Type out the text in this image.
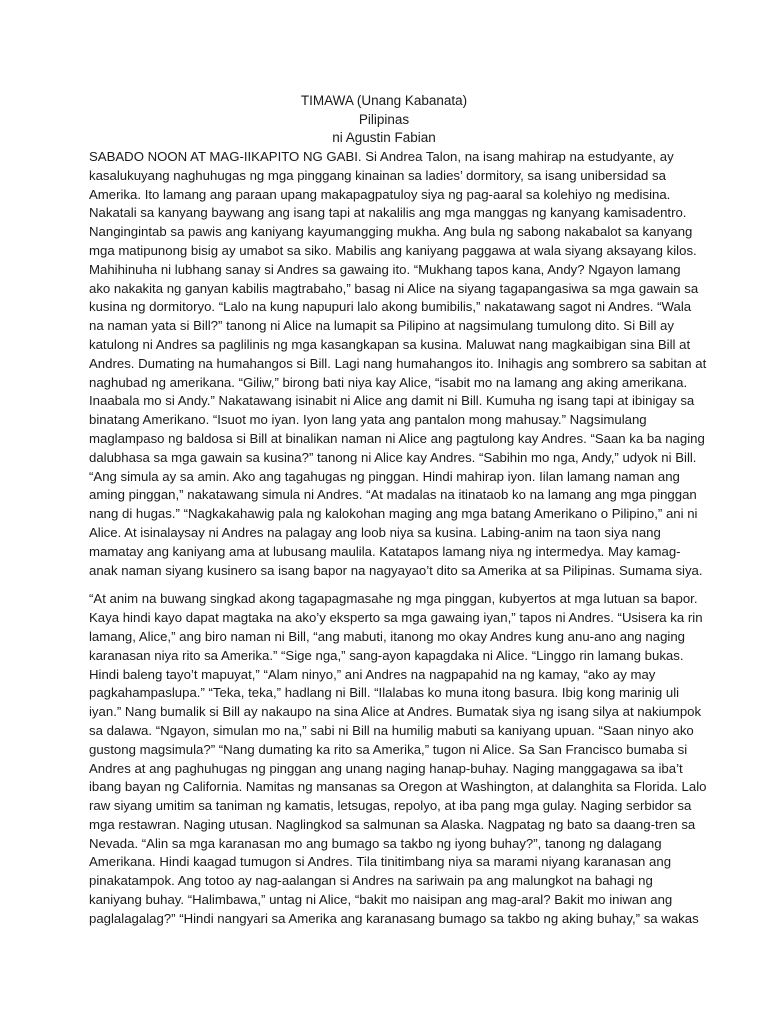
TIMAWA (Unang Kabanata)
Pilipinas
ni Agustin Fabian
SABADO NOON AT MAG-IIKAPITO NG GABI. Si Andrea Talon, na isang mahirap na estudyante, ay
kasalukuyang naghuhugas ng mga pinggang kinainan sa ladies’ dormitory, sa isang unibersidad sa
Amerika. Ito lamang ang paraan upang makapagpatuloy siya ng pag-aaral sa kolehiyo ng medisina.
Nakatali sa kanyang baywang ang isang tapi at nakalilis ang mga manggas ng kanyang kamisadentro.
Nangingintab sa pawis ang kaniyang kayumangging mukha. Ang bula ng sabong nakabalot sa kanyang
mga matipunong bisig ay umabot sa siko. Mabilis ang kaniyang paggawa at wala siyang aksayang kilos.
Mahihinuha ni lubhang sanay si Andres sa gawaing ito. “Mukhang tapos kana, Andy? Ngayon lamang
ako nakakita ng ganyan kabilis magtrabaho,” basag ni Alice na siyang tagapangasiwa sa mga gawain sa
kusina ng dormitoryo. “Lalo na kung napupuri lalo akong bumibilis,” nakatawang sagot ni Andres. “Wala
na naman yata si Bill?” tanong ni Alice na lumapit sa Pilipino at nagsimulang tumulong dito. Si Bill ay
katulong ni Andres sa paglilinis ng mga kasangkapan sa kusina. Maluwat nang magkaibigan sina Bill at
Andres. Dumating na humahangos si Bill. Lagi nang humahangos ito. Inihagis ang sombrero sa sabitan at
naghubad ng amerikana. “Giliw,” birong bati niya kay Alice, “isabit mo na lamang ang aking amerikana.
Inaabala mo si Andy.” Nakatawang isinabit ni Alice ang damit ni Bill. Kumuha ng isang tapi at ibinigay sa
binatang Amerikano. “Isuot mo iyan. Iyon lang yata ang pantalon mong mahusay.” Nagsimulang
maglampaso ng baldosa si Bill at binalikan naman ni Alice ang pagtulong kay Andres. “Saan ka ba naging
dalubhasa sa mga gawain sa kusina?” tanong ni Alice kay Andres. “Sabihin mo nga, Andy,” udyok ni Bill.
“Ang simula ay sa amin. Ako ang tagahugas ng pinggan. Hindi mahirap iyon. Iilan lamang naman ang
aming pinggan,” nakatawang simula ni Andres. “At madalas na itinataob ko na lamang ang mga pinggan
nang di hugas.” “Nagkakahawig pala ng kalokohan maging ang mga batang Amerikano o Pilipino,” ani ni
Alice. At isinalaysay ni Andres na palagay ang loob niya sa kusina. Labing-anim na taon siya nang
mamatay ang kaniyang ama at lubusang maulila. Katatapos lamang niya ng intermedya. May kamag-
anak naman siyang kusinero sa isang bapor na nagyayao’t dito sa Amerika at sa Pilipinas. Sumama siya.
“At anim na buwang singkad akong tagapagmasahe ng mga pinggan, kubyertos at mga lutuan sa bapor.
Kaya hindi kayo dapat magtaka na ako’y eksperto sa mga gawaing iyan,” tapos ni Andres. “Usisera ka rin
lamang, Alice,” ang biro naman ni Bill, “ang mabuti, itanong mo okay Andres kung anu-ano ang naging
karanasan niya rito sa Amerika.” “Sige nga,” sang-ayon kapagdaka ni Alice. “Linggo rin lamang bukas.
Hindi baleng tayo’t mapuyat,” “Alam ninyo,” ani Andres na nagpapahid na ng kamay, “ako ay may
pagkahampaslupa.” “Teka, teka,” hadlang ni Bill. “Ilalabas ko muna itong basura. Ibig kong marinig uli
iyan.” Nang bumalik si Bill ay nakaupo na sina Alice at Andres. Bumatak siya ng isang silya at nakiumpok
sa dalawa. “Ngayon, simulan mo na,” sabi ni Bill na humilig mabuti sa kaniyang upuan. “Saan ninyo ako
gustong magsimula?” “Nang dumating ka rito sa Amerika,” tugon ni Alice. Sa San Francisco bumaba si
Andres at ang paghuhugas ng pinggan ang unang naging hanap-buhay. Naging manggagawa sa iba’t
ibang bayan ng California. Namitas ng mansanas sa Oregon at Washington, at dalanghita sa Florida. Lalo
raw siyang umitim sa taniman ng kamatis, letsugas, repolyo, at iba pang mga gulay. Naging serbidor sa
mga restawran. Naging utusan. Naglingkod sa salmunan sa Alaska. Nagpatag ng bato sa daang-tren sa
Nevada. “Alin sa mga karanasan mo ang bumago sa takbo ng iyong buhay?”, tanong ng dalagang
Amerikana. Hindi kaagad tumugon si Andres. Tila tinitimbang niya sa marami niyang karanasan ang
pinakatampok. Ang totoo ay nag-aalangan si Andres na sariwain pa ang malungkot na bahagi ng
kaniyang buhay. “Halimbawa,” untag ni Alice, “bakit mo naisipan ang mag-aral? Bakit mo iniwan ang
paglalagalag?” “Hindi nangyari sa Amerika ang karanasang bumago sa takbo ng aking buhay,” sa wakas
